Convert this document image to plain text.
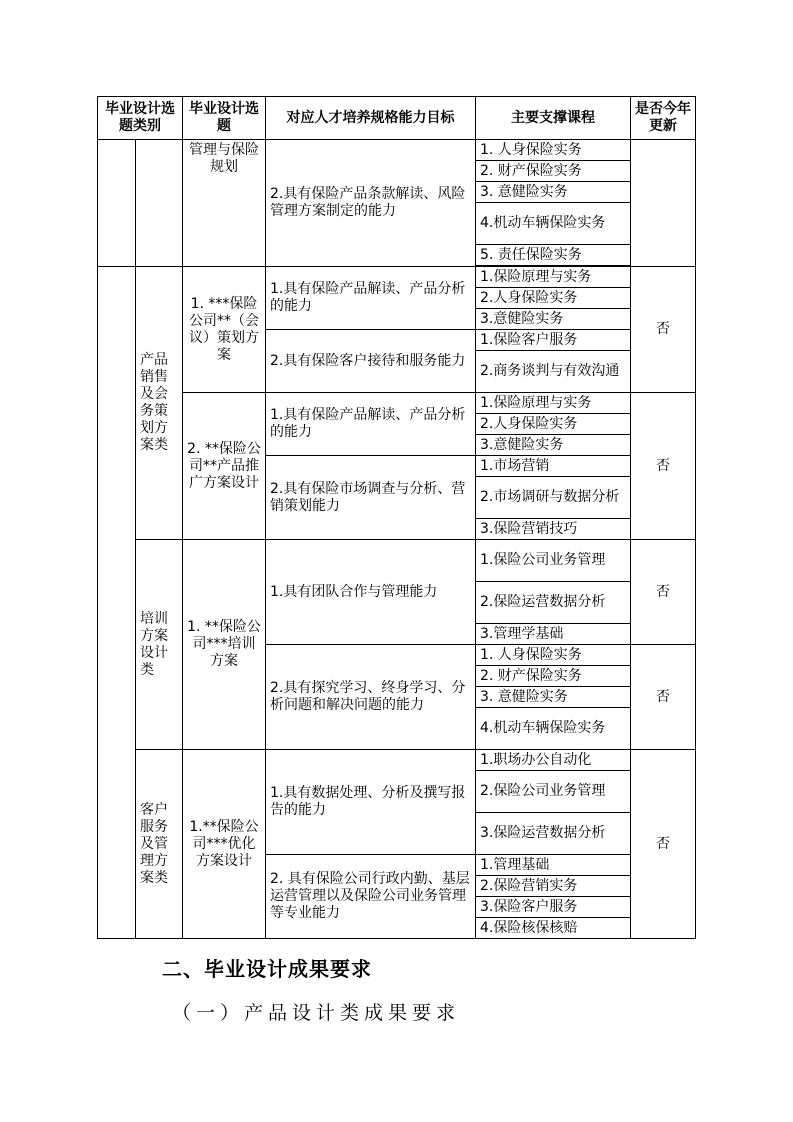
毕业设计选题类别		毕业设计选题	对应人才培养规格能力目标	主要支撑课程	是否今年更新
		管理与保险规划	2.具有保险产品条款解读、风险管理方案制定的能力	1. 人身保险实务	
				2. 财产保险实务	
				3. 意健险实务	
				4.机动车辆保险实务	
				5. 责任保险实务	

	产品销售及会务策划方案类	1. ***保险公司**（会议）策划方案	1.具有保险产品解读、产品分析的能力	1.保险原理与实务	否
				2.人身保险实务	
				3.意健险实务	
			2.具有保险客户接待和服务能力	1.保险客户服务	
				2.商务谈判与有效沟通	
		2. **保险公司**产品推广方案设计	1.具有保险产品解读、产品分析的能力	1.保险原理与实务	否
				2.人身保险实务	
				3.意健险实务	
			2.具有保险市场调查与分析、营销策划能力	1.市场营销	
				2.市场调研与数据分析	
				3.保险营销技巧	
	培训方案设计类	1. **保险公司***培训方案	1.具有团队合作与管理能力	1.保险公司业务管理	否
				2.保险运营数据分析	
				3.管理学基础	
			2.具有探究学习、终身学习、分析问题和解决问题的能力	1. 人身保险实务	否
				2. 财产保险实务	
				3. 意健险实务	
				4.机动车辆保险实务	
	客户服务及管理方案类	1.**保险公司***优化方案设计	1.具有数据处理、分析及撰写报告的能力	1.职场办公自动化	否
				2.保险公司业务管理	
				3.保险运营数据分析	
			2. 具有保险公司行政内勤、基层运营管理以及保险公司业务管理等专业能力	1.管理基础	
				2.保险营销实务	
				3.保险客户服务	
				4.保险核保核赔	
二、毕业设计成果要求
（一）产品设计类成果要求
